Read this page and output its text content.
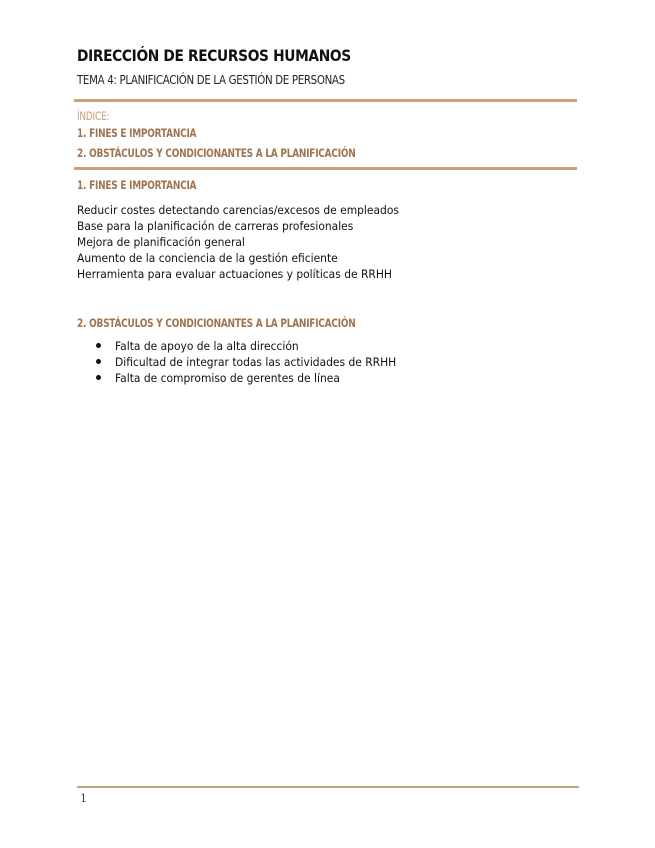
DIRECCIÓN DE RECURSOS HUMANOS
TEMA 4: PLANIFICACIÓN DE LA GESTIÓN DE PERSONAS
ÍNDICE:
1. FINES E IMPORTANCIA
2. OBSTÁCULOS Y CONDICIONANTES A LA PLANIFICACIÓN
1. FINES E IMPORTANCIA
Reducir costes detectando carencias/excesos de empleados
Base para la planificación de carreras profesionales
Mejora de planificación general
Aumento de la conciencia de la gestión eficiente
Herramienta para evaluar actuaciones y políticas de RRHH
2. OBSTÁCULOS Y CONDICIONANTES A LA PLANIFICACIÓN
Falta de apoyo de la alta dirección
Dificultad de integrar todas las actividades de RRHH
Falta de compromiso de gerentes de línea
1
